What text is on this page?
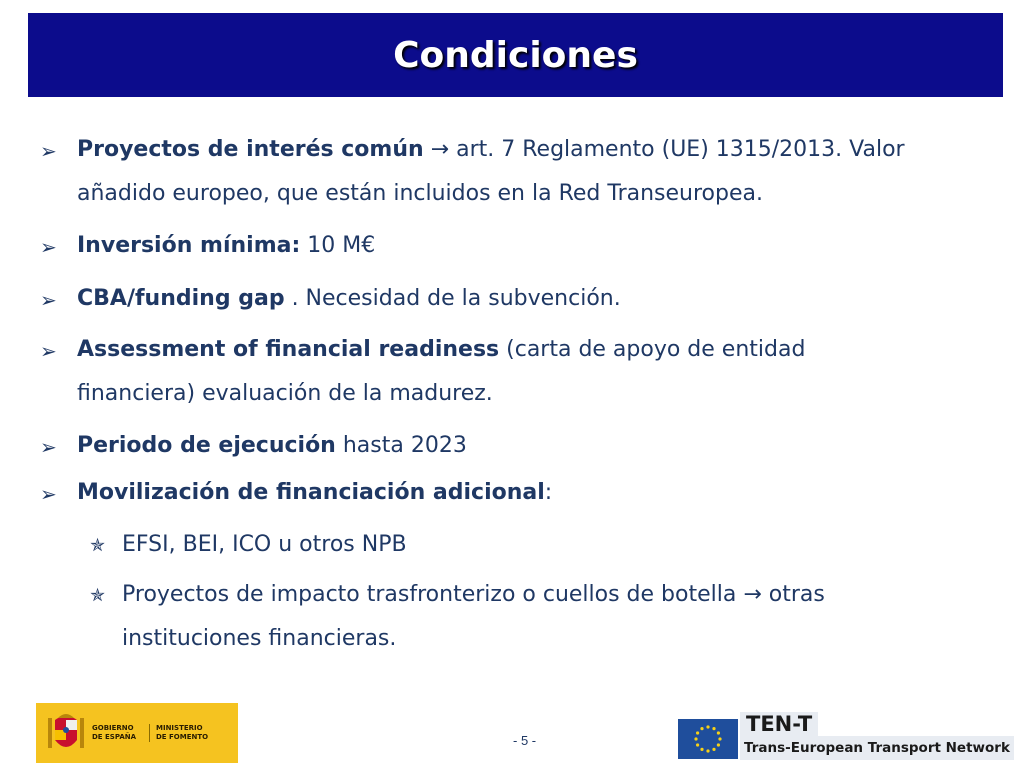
Condiciones
➢ Proyectos de interés común → art. 7 Reglamento (UE) 1315/2013. Valor añadido europeo, que están incluidos en la Red Transeuropea.
➢ Inversión mínima: 10 M€
➢ CBA/funding gap . Necesidad de la subvención.
➢ Assessment of financial readiness (carta de apoyo de entidad financiera) evaluación de la madurez.
➢ Periodo de ejecución hasta 2023
➢ Movilización de financiación adicional:
✯ EFSI, BEI, ICO u otros NPB
✯ Proyectos de impacto trasfronterizo o cuellos de botella → otras instituciones financieras.
GOBIERNO
DE ESPAÑA
MINISTERIO
DE FOMENTO	- 5 -
TEN-T
Trans-European Transport Network
